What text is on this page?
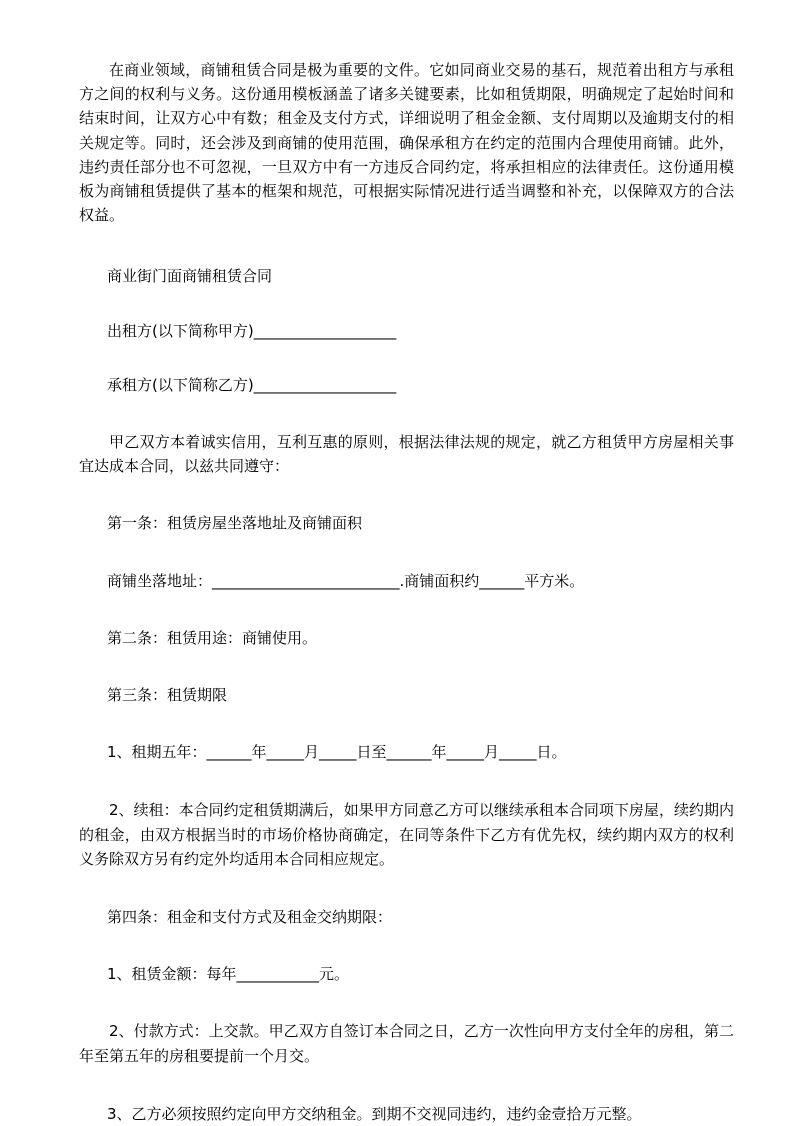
在商业领域，商铺租赁合同是极为重要的文件。它如同商业交易的基石，规范着出租方与承租方之间的权利与义务。这份通用模板涵盖了诸多关键要素，比如租赁期限，明确规定了起始时间和结束时间，让双方心中有数；租金及支付方式，详细说明了租金金额、支付周期以及逾期支付的相关规定等。同时，还会涉及到商铺的使用范围，确保承租方在约定的范围内合理使用商铺。此外，违约责任部分也不可忽视，一旦双方中有一方违反合同约定，将承担相应的法律责任。这份通用模板为商铺租赁提供了基本的框架和规范，可根据实际情况进行适当调整和补充，以保障双方的合法权益。

商业街门面商铺租赁合同

出租方(以下简称甲方)___________________

承租方(以下简称乙方)___________________

甲乙双方本着诚实信用，互利互惠的原则，根据法律法规的规定，就乙方租赁甲方房屋相关事宜达成本合同，以兹共同遵守：

第一条：租赁房屋坐落地址及商铺面积

商铺坐落地址：_________________________.商铺面积约______平方米。

第二条：租赁用途：商铺使用。

第三条：租赁期限

1、租期五年：______年_____月_____日至______年_____月_____日。

2、续租：本合同约定租赁期满后，如果甲方同意乙方可以继续承租本合同项下房屋，续约期内的租金，由双方根据当时的市场价格协商确定，在同等条件下乙方有优先权，续约期内双方的权利义务除双方另有约定外均适用本合同相应规定。

第四条：租金和支付方式及租金交纳期限：

1、租赁金额：每年___________元。

2、付款方式：上交款。甲乙双方自签订本合同之日，乙方一次性向甲方支付全年的房租，第二年至第五年的房租要提前一个月交。

3、乙方必须按照约定向甲方交纳租金。到期不交视同违约，违约金壹拾万元整。
